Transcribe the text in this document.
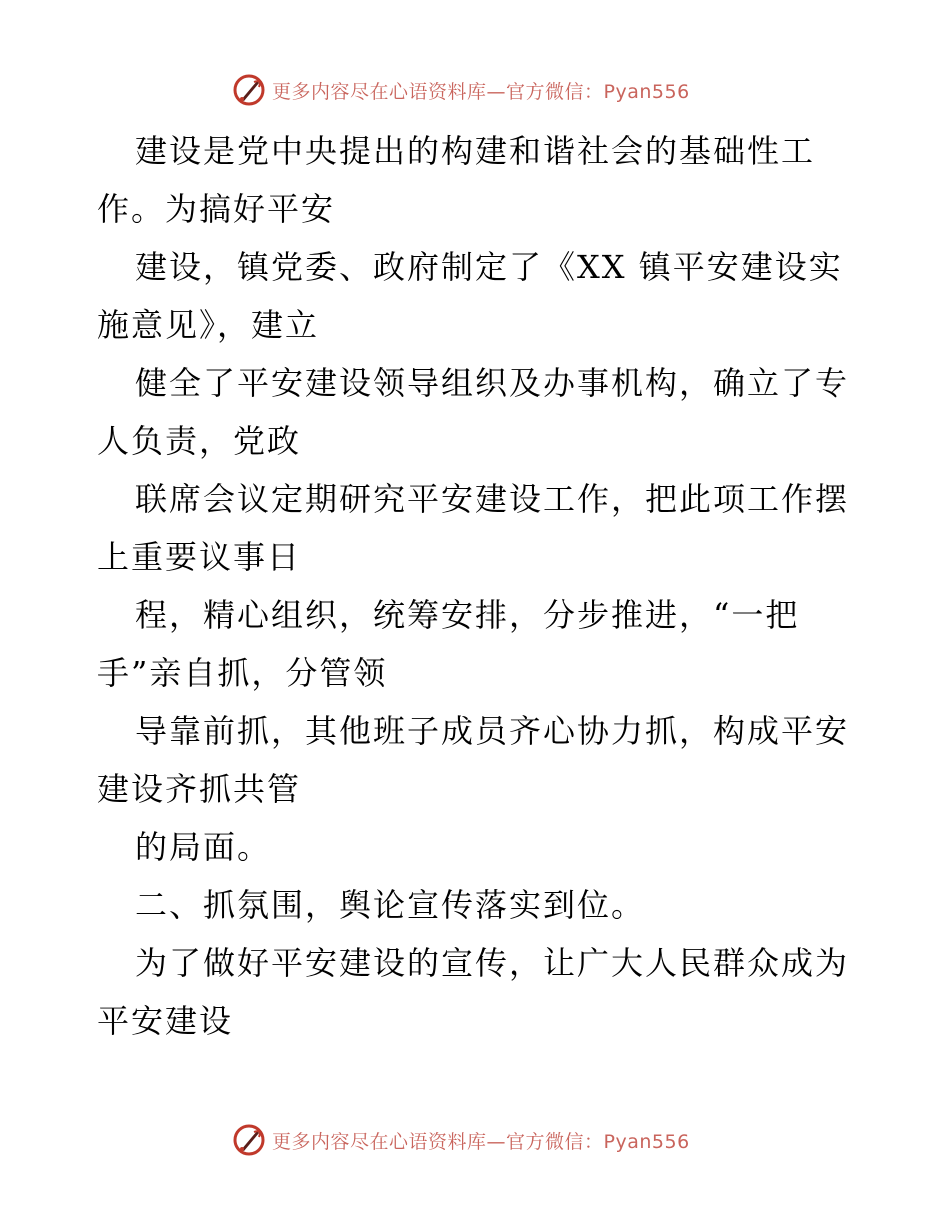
更多内容尽在心语资料库—官方微信：Pyan556
建设是党中央提出的构建和谐社会的基础性工
作。为搞好平安
建设，镇党委、政府制定了《XX 镇平安建设实
施意见》，建立
健全了平安建设领导组织及办事机构，确立了专
人负责，党政
联席会议定期研究平安建设工作，把此项工作摆
上重要议事日
程，精心组织，统筹安排，分步推进，“一把
手”亲自抓，分管领
导靠前抓，其他班子成员齐心协力抓，构成平安
建设齐抓共管
的局面。
二、抓氛围，舆论宣传落实到位。
为了做好平安建设的宣传，让广大人民群众成为
平安建设
更多内容尽在心语资料库—官方微信：Pyan556
